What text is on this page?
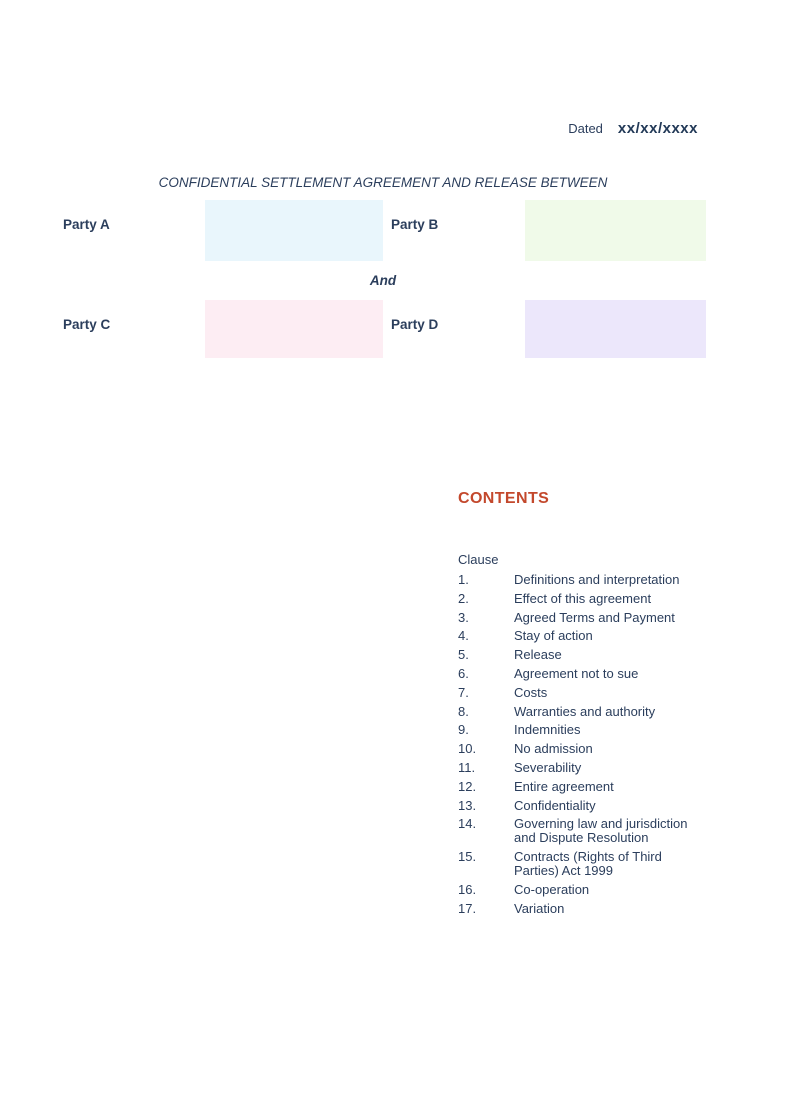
Dated xx/xx/xxxx
CONFIDENTIAL SETTLEMENT AGREEMENT AND RELEASE BETWEEN
Party A	Party B
And
Party C	Party D
CONTENTS
Clause
1.	Definitions and interpretation
2.	Effect of this agreement
3.	Agreed Terms and Payment
4.	Stay of action
5.	Release
6.	Agreement not to sue
7.	Costs
8.	Warranties and authority
9.	Indemnities
10.	No admission
11.	Severability
12.	Entire agreement
13.	Confidentiality
14.	Governing law and jurisdiction
and Dispute Resolution
15.	Contracts (Rights of Third
Parties) Act 1999
16.	Co-operation
17.	Variation
